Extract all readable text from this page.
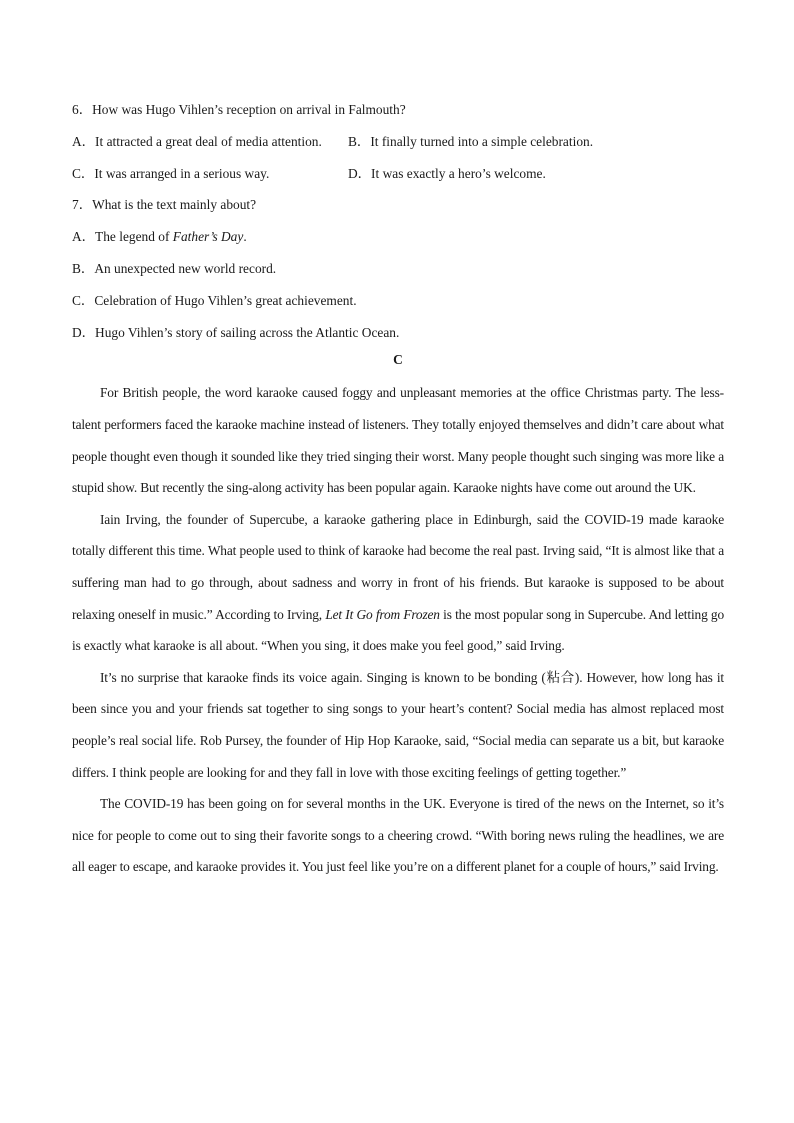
6．How was Hugo Vihlen’s reception on arrival in Falmouth?
A．It attracted a great deal of media attention.	B．It finally turned into a simple celebration.
C．It was arranged in a serious way.	D．It was exactly a hero’s welcome.
7．What is the text mainly about?
A．The legend of Father’s Day.
B．An unexpected new world record.
C．Celebration of Hugo Vihlen’s great achievement.
D．Hugo Vihlen’s story of sailing across the Atlantic Ocean.
C

For British people, the word karaoke caused foggy and unpleasant memories at the office Christmas party. The less-talent performers faced the karaoke machine instead of listeners. They totally enjoyed themselves and didn’t care about what people thought even though it sounded like they tried singing their worst. Many people thought such singing was more like a stupid show. But recently the sing-along activity has been popular again. Karaoke nights have come out around the UK.

Iain Irving, the founder of Supercube, a karaoke gathering place in Edinburgh, said the COVID-19 made karaoke totally different this time. What people used to think of karaoke had become the real past. Irving said, “It is almost like that a suffering man had to go through, about sadness and worry in front of his friends. But karaoke is supposed to be about relaxing oneself in music.” According to Irving, Let It Go from Frozen is the most popular song in Supercube. And letting go is exactly what karaoke is all about. “When you sing, it does make you feel good,” said Irving.

It’s no surprise that karaoke finds its voice again. Singing is known to be bonding (粘合). However, how long has it been since you and your friends sat together to sing songs to your heart’s content? Social media has almost replaced most people’s real social life. Rob Pursey, the founder of Hip Hop Karaoke, said, “Social media can separate us a bit, but karaoke differs. I think people are looking for and they fall in love with those exciting feelings of getting together.”

The COVID-19 has been going on for several months in the UK. Everyone is tired of the news on the Internet, so it’s nice for people to come out to sing their favorite songs to a cheering crowd. “With boring news ruling the headlines, we are all eager to escape, and karaoke provides it. You just feel like you’re on a different planet for a couple of hours,” said Irving.
